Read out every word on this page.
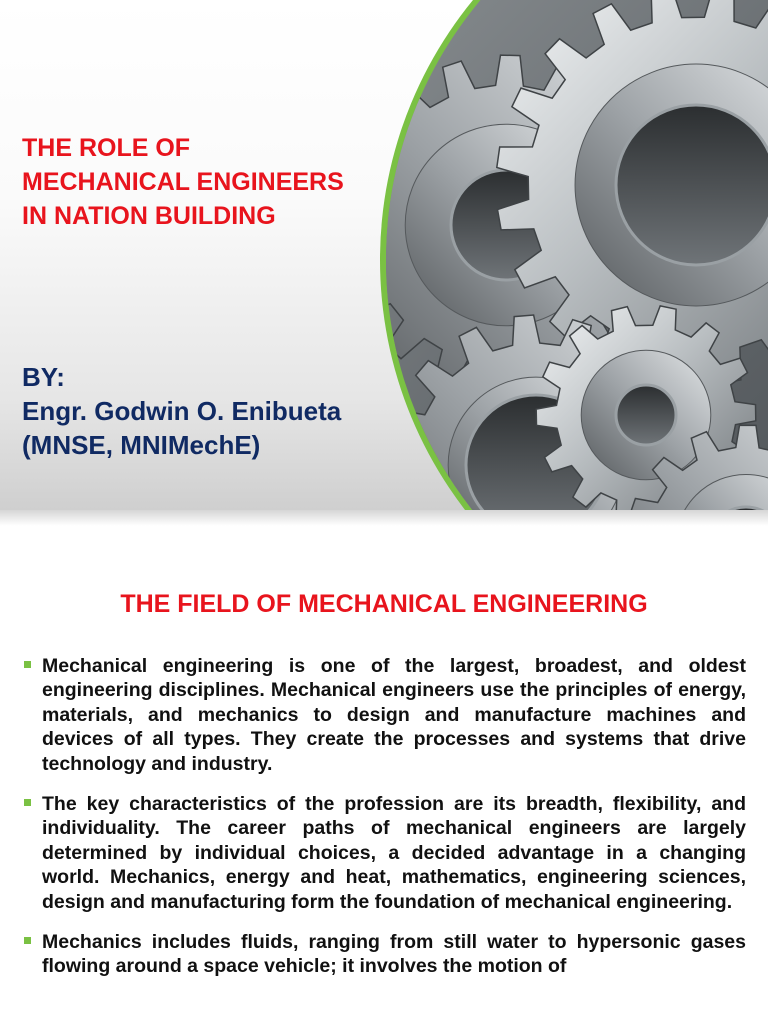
THE ROLE OF
MECHANICAL ENGINEERS
IN NATION BUILDING
BY:
Engr. Godwin O. Enibueta
(MNSE, MNIMechE)
THE FIELD OF MECHANICAL ENGINEERING
Mechanical engineering is one of the largest, broadest, and oldest engineering disciplines. Mechanical engineers use the principles of energy, materials, and mechanics to design and manufacture machines and devices of all types. They create the processes and systems that drive technology and industry.
The key characteristics of the profession are its breadth, flexibility, and individuality. The career paths of mechanical engineers are largely determined by individual choices, a decided advantage in a changing world. Mechanics, energy and heat, mathematics, engineering sciences, design and manufacturing form the foundation of mechanical engineering.
Mechanics includes fluids, ranging from still water to hypersonic gases flowing around a space vehicle; it involves the motion of
